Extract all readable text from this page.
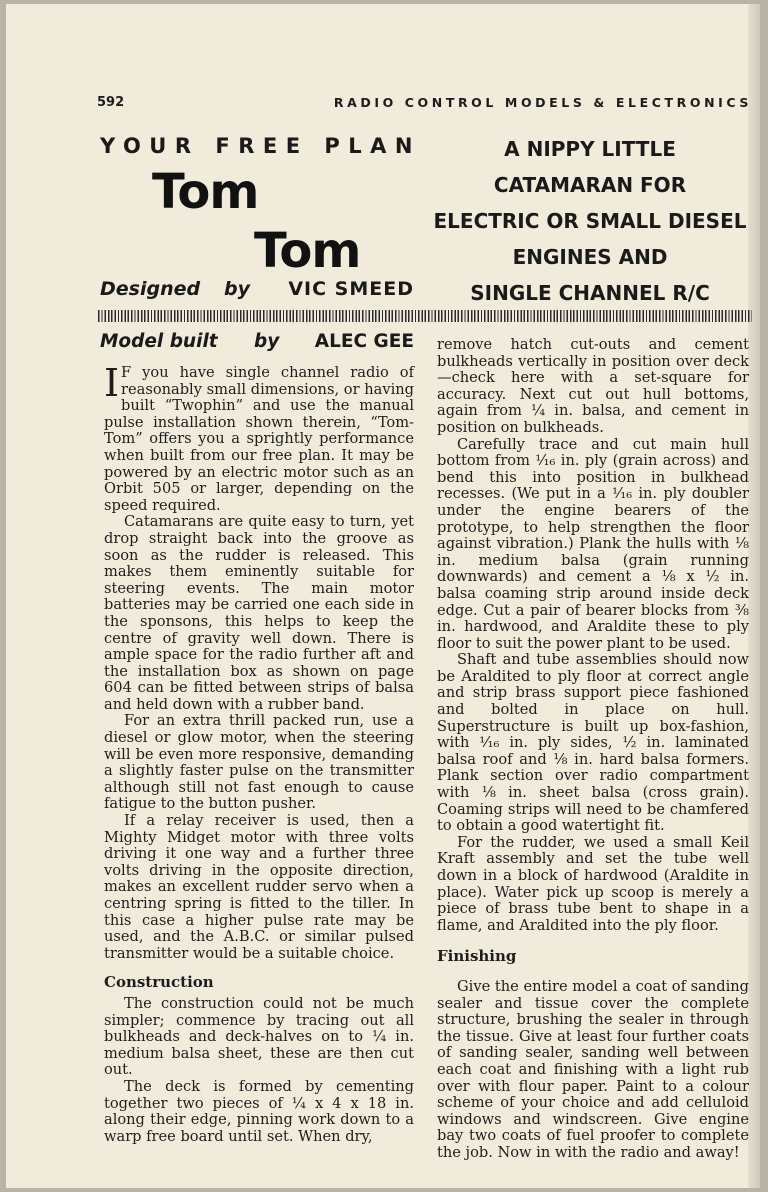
592	RADIO CONTROL MODELS & ELECTRONICS
YOUR FREE PLAN
Tom
Tom
Designed by VIC SMEED
A NIPPY LITTLE
CATAMARAN FOR
ELECTRIC OR SMALL DIESEL
ENGINES AND
SINGLE CHANNEL R/C
Model built by ALEC GEE

I F you have single channel radio of reasonably small dimensions, or having built “Twophin” and use the manual pulse installation shown therein, “Tom-Tom” offers you a sprightly performance when built from our free plan. It may be powered by an electric motor such as an Orbit 505 or larger, depending on the speed required.

Catamarans are quite easy to turn, yet drop straight back into the groove as soon as the rudder is released. This makes them eminently suitable for steering events. The main motor batteries may be carried one each side in the sponsons, this helps to keep the centre of gravity well down. There is ample space for the radio further aft and the installation box as shown on page 604 can be fitted between strips of balsa and held down with a rubber band.

For an extra thrill packed run, use a diesel or glow motor, when the steering will be even more responsive, demanding a slightly faster pulse on the transmitter although still not fast enough to cause fatigue to the button pusher.

If a relay receiver is used, then a Mighty Midget motor with three volts driving it one way and a further three volts driving in the opposite direction, makes an excellent rudder servo when a centring spring is fitted to the tiller. In this case a higher pulse rate may be used, and the A.B.C. or similar pulsed transmitter would be a suitable choice.

Construction

The construction could not be much simpler; commence by tracing out all bulkheads and deck-halves on to ¼ in. medium balsa sheet, these are then cut out.

The deck is formed by cementing together two pieces of ¼ x 4 x 18 in. along their edge, pinning work down to a warp free board until set. When dry,

remove hatch cut-outs and cement bulkheads vertically in position over deck—check here with a set-square for accuracy. Next cut out hull bottoms, again from ¼ in. balsa, and cement in position on bulkheads.

Carefully trace and cut main hull bottom from ¹⁄₁₆ in. ply (grain across) and bend this into position in bulkhead recesses. (We put in a ¹⁄₁₆ in. ply doubler under the engine bearers of the prototype, to help strengthen the floor against vibration.) Plank the hulls with ⅛ in. medium balsa (grain running downwards) and cement a ⅛ x ½ in. balsa coaming strip around inside deck edge. Cut a pair of bearer blocks from ⅜ in. hardwood, and Araldite these to ply floor to suit the power plant to be used.

Shaft and tube assemblies should now be Araldited to ply floor at correct angle and strip brass support piece fashioned and bolted in place on hull. Superstructure is built up box-fashion, with ¹⁄₁₆ in. ply sides, ½ in. laminated balsa roof and ⅛ in. hard balsa formers. Plank section over radio compartment with ⅛ in. sheet balsa (cross grain). Coaming strips will need to be chamfered to obtain a good watertight fit.

For the rudder, we used a small Keil Kraft assembly and set the tube well down in a block of hardwood (Araldite in place). Water pick up scoop is merely a piece of brass tube bent to shape in a flame, and Araldited into the ply floor.

Finishing

Give the entire model a coat of sanding sealer and tissue cover the complete structure, brushing the sealer in through the tissue. Give at least four further coats of sanding sealer, sanding well between each coat and finishing with a light rub over with flour paper. Paint to a colour scheme of your choice and add celluloid windows and windscreen. Give engine bay two coats of fuel proofer to complete the job. Now in with the radio and away!
